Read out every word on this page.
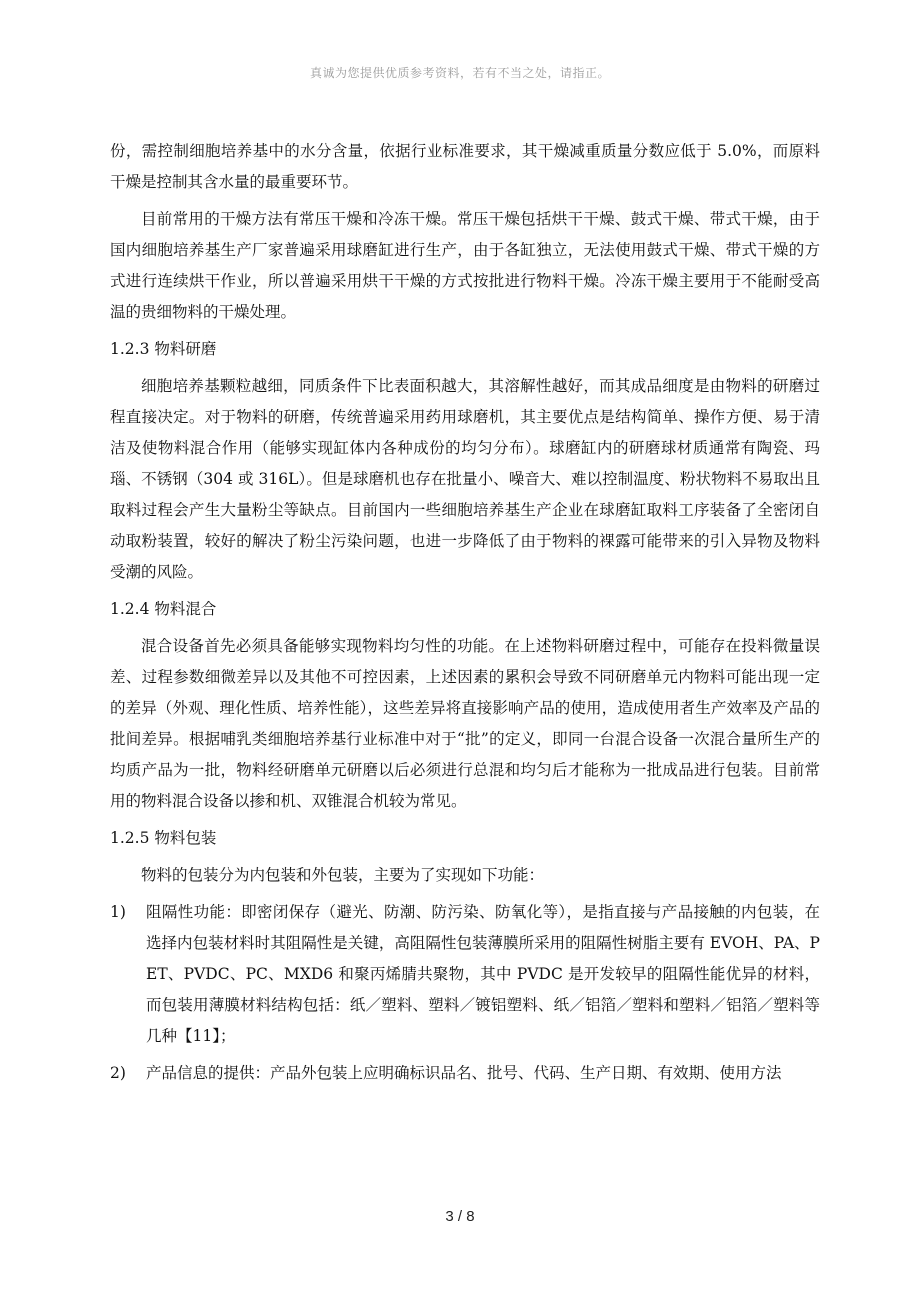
真诚为您提供优质参考资料，若有不当之处，请指正。

份，需控制细胞培养基中的水分含量，依据行业标准要求，其干燥减重质量分数应低于 5.0%，而原料干燥是控制其含水量的最重要环节。

目前常用的干燥方法有常压干燥和冷冻干燥。常压干燥包括烘干干燥、鼓式干燥、带式干燥，由于国内细胞培养基生产厂家普遍采用球磨缸进行生产，由于各缸独立，无法使用鼓式干燥、带式干燥的方式进行连续烘干作业，所以普遍采用烘干干燥的方式按批进行物料干燥。冷冻干燥主要用于不能耐受高温的贵细物料的干燥处理。

1.2.3 物料研磨

细胞培养基颗粒越细，同质条件下比表面积越大，其溶解性越好，而其成品细度是由物料的研磨过程直接决定。对于物料的研磨，传统普遍采用药用球磨机，其主要优点是结构简单、操作方便、易于清洁及使物料混合作用（能够实现缸体内各种成份的均匀分布）。球磨缸内的研磨球材质通常有陶瓷、玛瑙、不锈钢（304 或 316L）。但是球磨机也存在批量小、噪音大、难以控制温度、粉状物料不易取出且取料过程会产生大量粉尘等缺点。目前国内一些细胞培养基生产企业在球磨缸取料工序装备了全密闭自动取粉装置，较好的解决了粉尘污染问题，也进一步降低了由于物料的裸露可能带来的引入异物及物料受潮的风险。

1.2.4 物料混合

混合设备首先必须具备能够实现物料均匀性的功能。在上述物料研磨过程中，可能存在投料微量误差、过程参数细微差异以及其他不可控因素，上述因素的累积会导致不同研磨单元内物料可能出现一定的差异（外观、理化性质、培养性能），这些差异将直接影响产品的使用，造成使用者生产效率及产品的批间差异。根据哺乳类细胞培养基行业标准中对于“批”的定义，即同一台混合设备一次混合量所生产的均质产品为一批，物料经研磨单元研磨以后必须进行总混和均匀后才能称为一批成品进行包装。目前常用的物料混合设备以掺和机、双锥混合机较为常见。

1.2.5 物料包装

物料的包装分为内包装和外包装，主要为了实现如下功能：

1)	阻隔性功能：即密闭保存（避光、防潮、防污染、防氧化等），是指直接与产品接触的内包装，在选择内包装材料时其阻隔性是关键，高阻隔性包装薄膜所采用的阻隔性树脂主要有 EVOH、PA、PET、PVDC、PC、MXD6 和聚丙烯腈共聚物，其中 PVDC 是开发较早的阻隔性能优异的材料，而包装用薄膜材料结构包括：纸／塑料、塑料／镀铝塑料、纸／铝箔／塑料和塑料／铝箔／塑料等几种【11】；
2)	产品信息的提供：产品外包装上应明确标识品名、批号、代码、生产日期、有效期、使用方法
3 / 8
